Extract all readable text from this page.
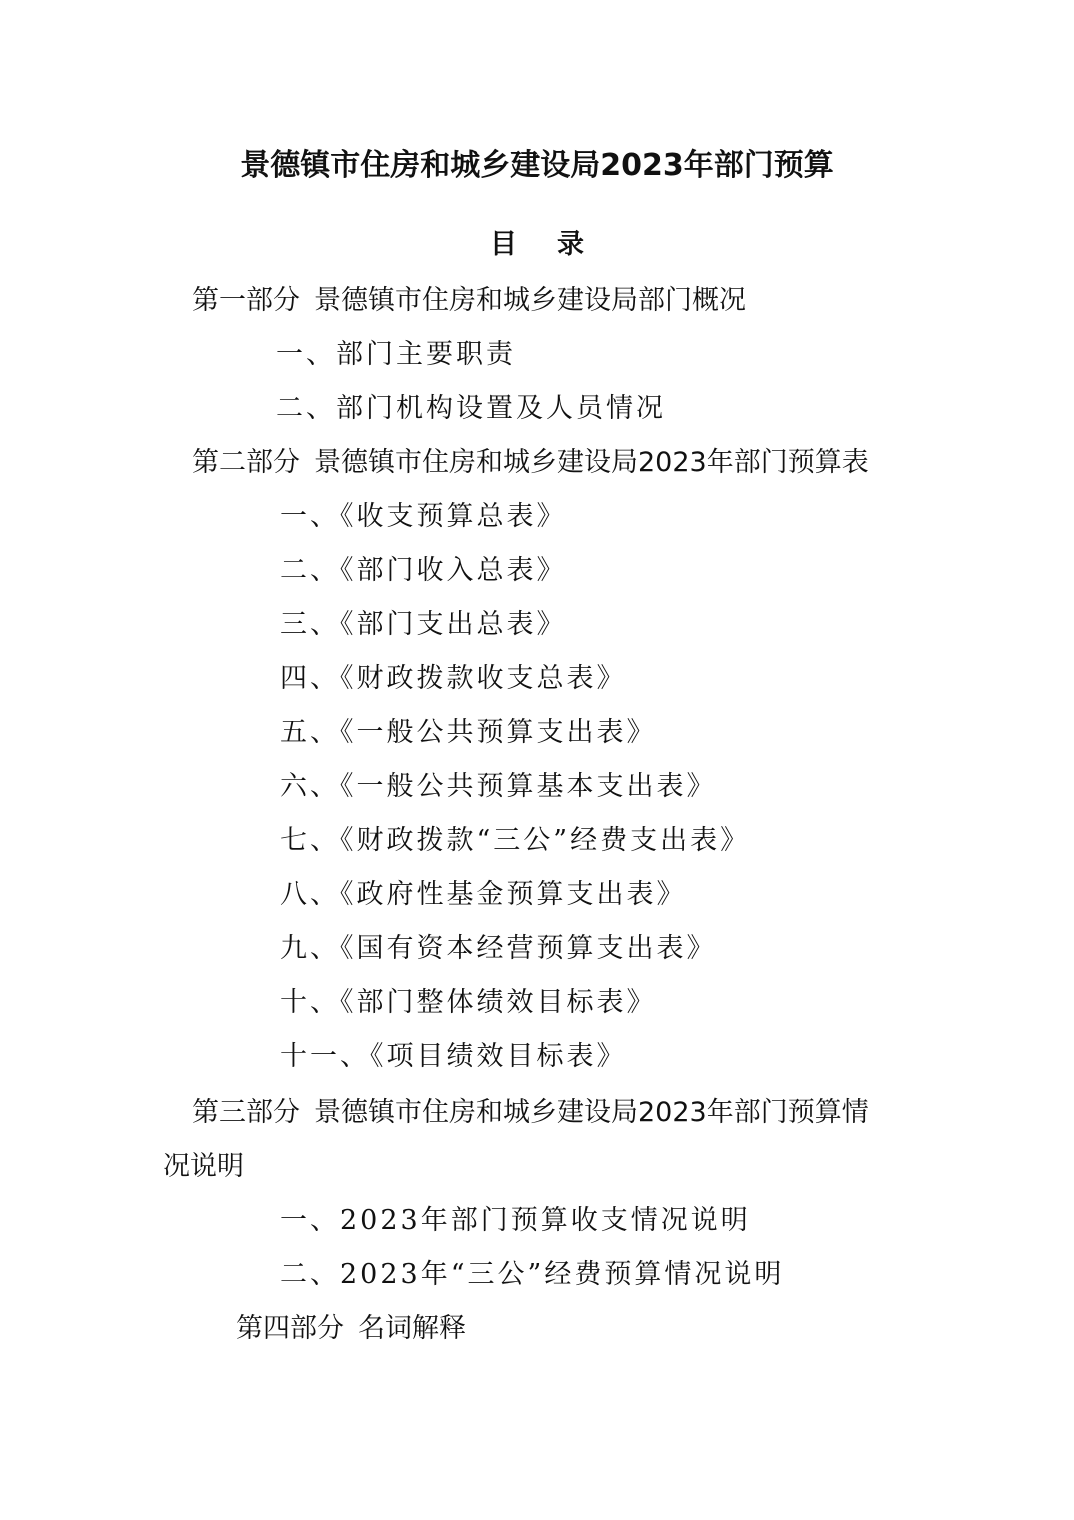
景德镇市住房和城乡建设局2023年部门预算
目录
第一部分 景德镇市住房和城乡建设局部门概况
一、部门主要职责
二、部门机构设置及人员情况
第二部分 景德镇市住房和城乡建设局2023年部门预算表
一、《收支预算总表》
二、《部门收入总表》
三、《部门支出总表》
四、《财政拨款收支总表》
五、《一般公共预算支出表》
六、《一般公共预算基本支出表》
七、《财政拨款“三公”经费支出表》
八、《政府性基金预算支出表》
九、《国有资本经营预算支出表》
十、《部门整体绩效目标表》
十一、《项目绩效目标表》
第三部分 景德镇市住房和城乡建设局2023年部门预算情
况说明
一、2023年部门预算收支情况说明
二、2023年“三公”经费预算情况说明
第四部分 名词解释
